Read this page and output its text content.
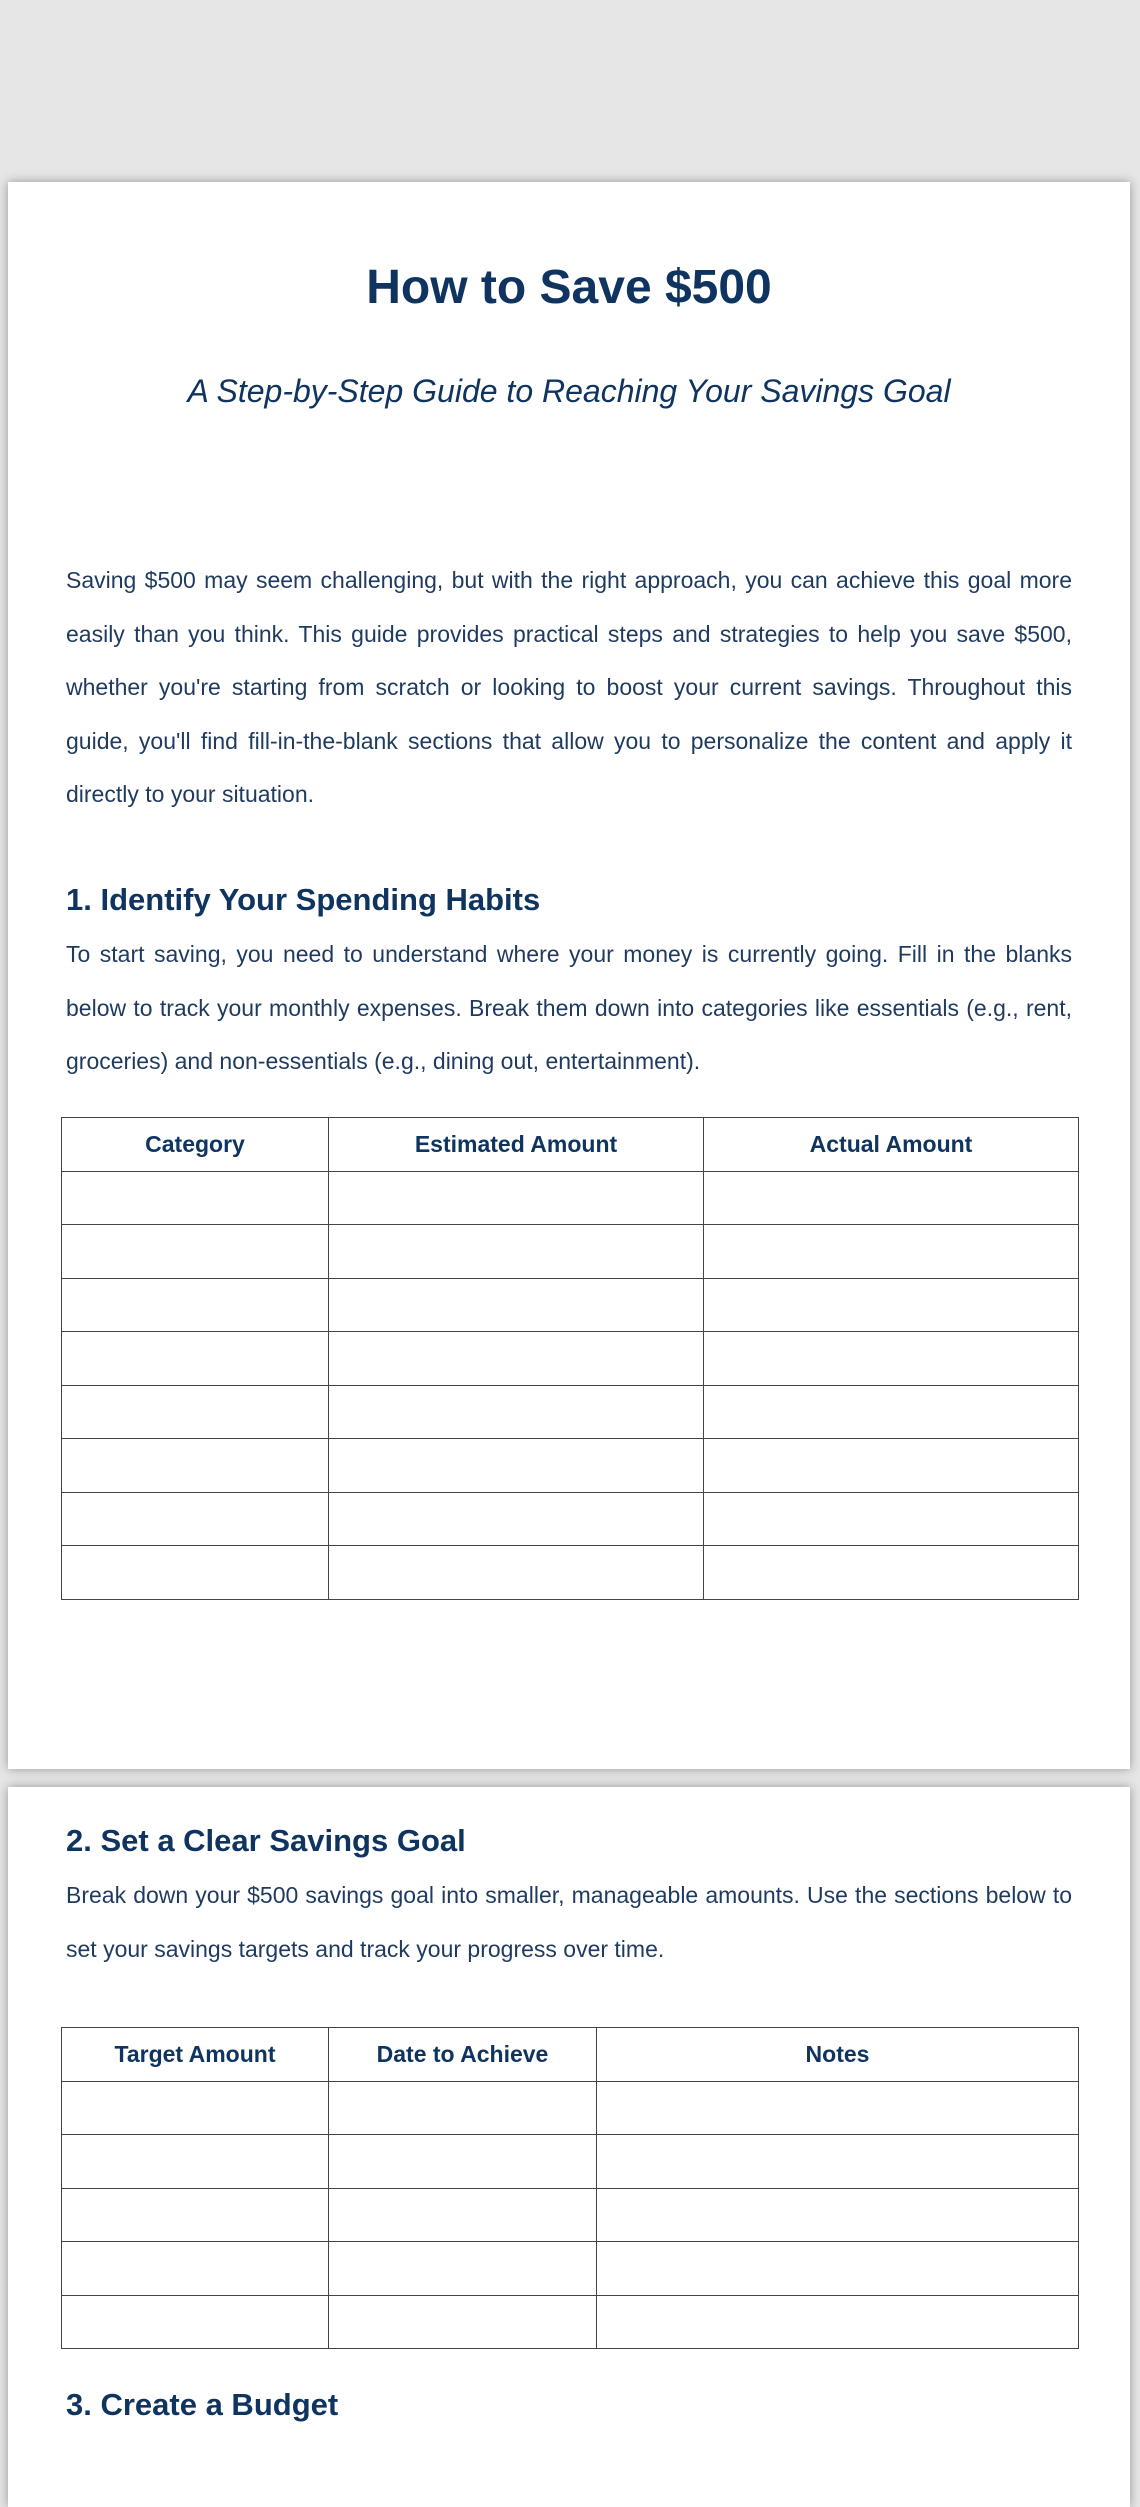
How to Save $500
A Step-by-Step Guide to Reaching Your Savings Goal

Saving $500 may seem challenging, but with the right approach, you can achieve this goal more easily than you think. This guide provides practical steps and strategies to help you save $500, whether you're starting from scratch or looking to boost your current savings. Throughout this guide, you'll find fill-in-the-blank sections that allow you to personalize the content and apply it directly to your situation.

1. Identify Your Spending Habits

To start saving, you need to understand where your money is currently going. Fill in the blanks below to track your monthly expenses. Break them down into categories like essentials (e.g., rent, groceries) and non-essentials (e.g., dining out, entertainment).

Category	Estimated Amount	Actual Amount

2. Set a Clear Savings Goal

Break down your $500 savings goal into smaller, manageable amounts. Use the sections below to set your savings targets and track your progress over time.

Target Amount	Date to Achieve	Notes

3. Create a Budget
